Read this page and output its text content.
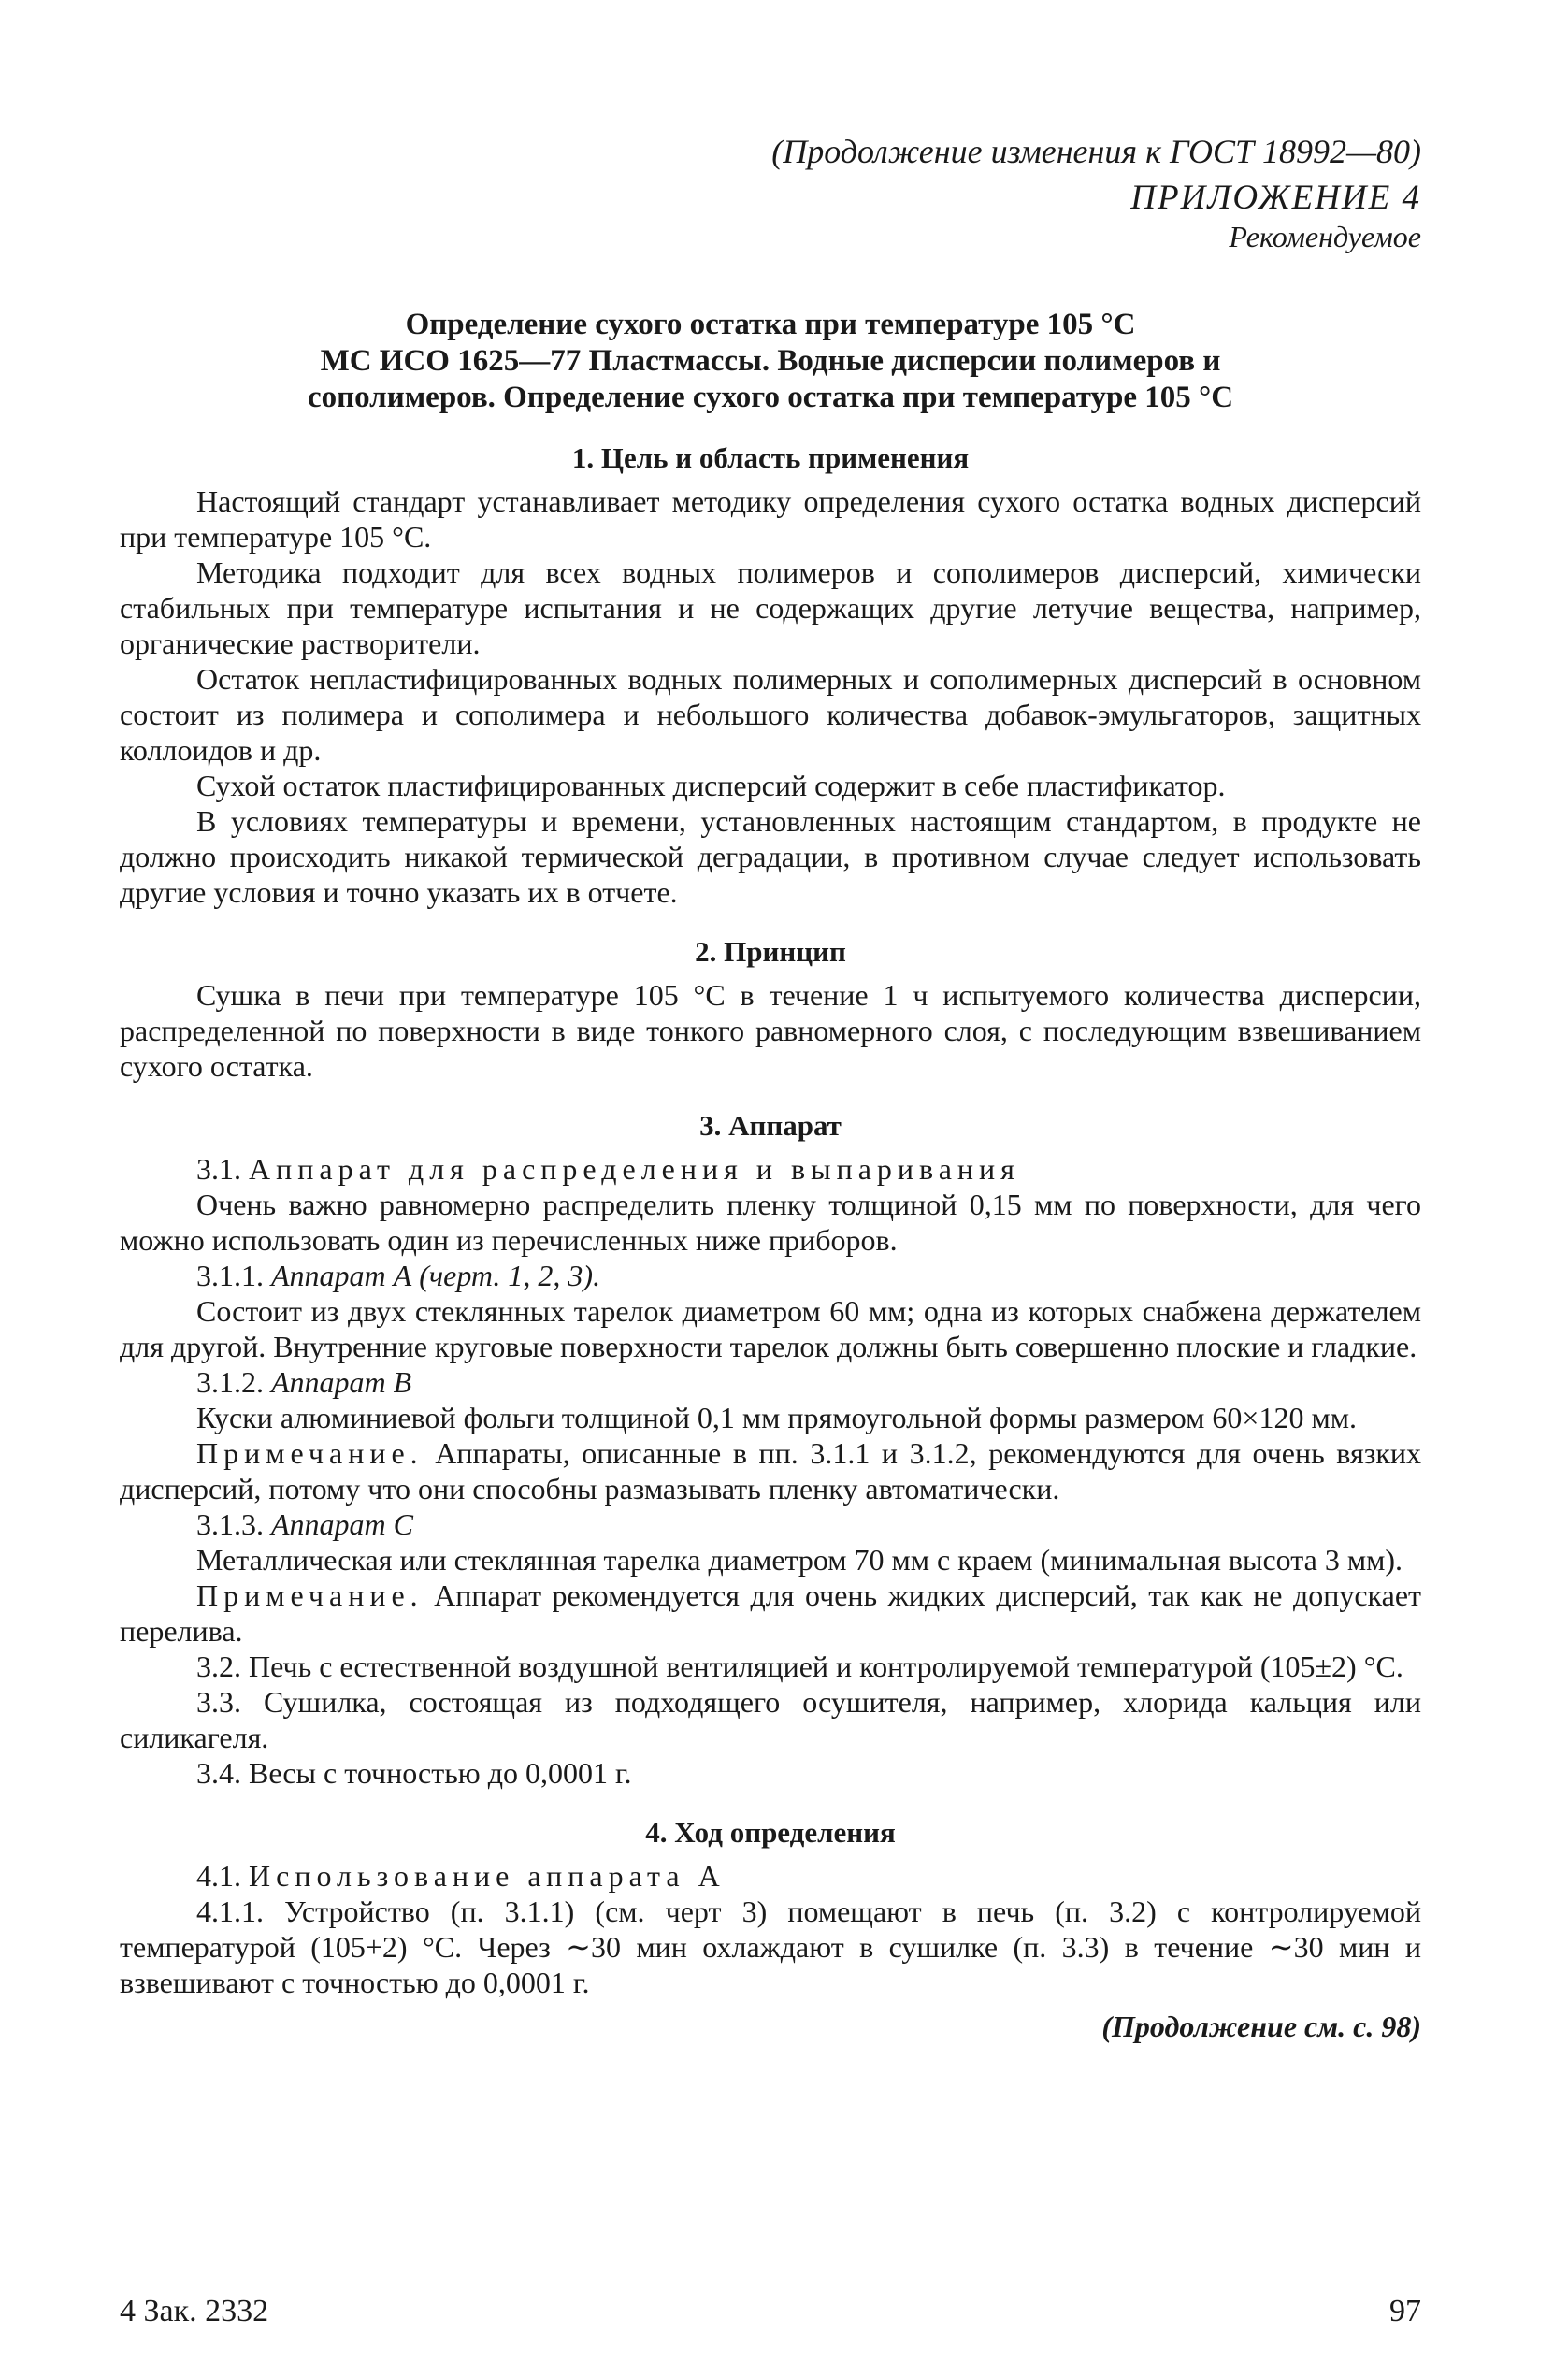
(Продолжение изменения к ГОСТ 18992—80)
ПРИЛОЖЕНИЕ 4
Рекомендуемое
Определение сухого остатка при температуре 105 °С
МС ИСО 1625—77 Пластмассы. Водные дисперсии полимеров и
сополимеров. Определение сухого остатка при температуре 105 °С
1. Цель и область применения

Настоящий стандарт устанавливает методику определения сухого остатка водных дисперсий при температуре 105 °С.

Методика подходит для всех водных полимеров и сополимеров дисперсий, химически стабильных при температуре испытания и не содержащих другие летучие вещества, например, органические растворители.

Остаток непластифицированных водных полимерных и сополимерных дисперсий в основном состоит из полимера и сополимера и небольшого количества добавок-эмульгаторов, защитных коллоидов и др.

Сухой остаток пластифицированных дисперсий содержит в себе пластификатор.

В условиях температуры и времени, установленных настоящим стандартом, в продукте не должно происходить никакой термической деградации, в противном случае следует использовать другие условия и точно указать их в отчете.

2. Принцип

Сушка в печи при температуре 105 °С в течение 1 ч испытуемого количества дисперсии, распределенной по поверхности в виде тонкого равномерного слоя, с последующим взвешиванием сухого остатка.

3. Аппарат

3.1. Аппарат для распределения и выпаривания

Очень важно равномерно распределить пленку толщиной 0,15 мм по поверхности, для чего можно использовать один из перечисленных ниже приборов.

3.1.1. Аппарат А (черт. 1, 2, 3).

Состоит из двух стеклянных тарелок диаметром 60 мм; одна из которых снабжена держателем для другой. Внутренние круговые поверхности тарелок должны быть совершенно плоские и гладкие.

3.1.2. Аппарат В

Куски алюминиевой фольги толщиной 0,1 мм прямоугольной формы размером 60×120 мм.

Примечание. Аппараты, описанные в пп. 3.1.1 и 3.1.2, рекомендуются для очень вязких дисперсий, потому что они способны размазывать пленку автоматически.

3.1.3. Аппарат С

Металлическая или стеклянная тарелка диаметром 70 мм с краем (минимальная высота 3 мм).

Примечание. Аппарат рекомендуется для очень жидких дисперсий, так как не допускает перелива.

3.2. Печь с естественной воздушной вентиляцией и контролируемой температурой (105±2) °С.

3.3. Сушилка, состоящая из подходящего осушителя, например, хлорида кальция или силикагеля.

3.4. Весы с точностью до 0,0001 г.

4. Ход определения

4.1. Использование аппарата А

4.1.1. Устройство (п. 3.1.1) (см. черт 3) помещают в печь (п. 3.2) с контролируемой температурой (105+2) °С. Через ∼30 мин охлаждают в сушилке (п. 3.3) в течение ∼30 мин и взвешивают с точностью до 0,0001 г.

(Продолжение см. с. 98)
4 Зак. 2332	97
